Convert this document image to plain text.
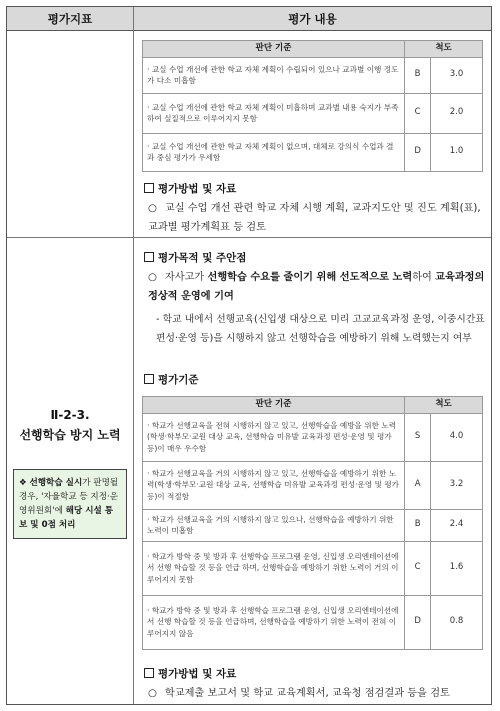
평가지표	평가 내용
판단 기준	척도	
· 교실 수업 개선에 관한 학교 자체 계획이 수립되어 있으나 교과별 이행 정도가 다소 미흡함	B	3.0
· 교실 수업 개선에 관한 학교 자체 계획이 미흡하며 교과별 내용 숙지가 부족하여 실질적으로 이루어지지 못함	C	2.0
· 교실 수업 개선에 관한 학교 자체 계획이 없으며, 대체로 강의식 수업과 결과 중심 평가가 우세함	D	1.0
평가방법 및 자료
○ 교실 수업 개선 관련 학교 자체 시행 계획, 교과지도안 및 진도 계획(표), 교과별 평가계획표 등 검토
Ⅱ-2-3.
선행학습 방지 노력
❖ 선행학습 실시가 판명될 경우, '자율학교 등 지정·운영위원회'에 해당 시설 통보 및 0점 처리
평가목적 및 주안점
○ 자사고가 선행학습 수요를 줄이기 위해 선도적으로 노력하여 교육과정의 정상적 운영에 기여
- 학교 내에서 선행교육(신입생 대상으로 미리 고교교육과정 운영, 이중시간표 편성·운영 등)을 시행하지 않고 선행학습을 예방하기 위해 노력했는지 여부
평가기준
판단 기준	척도	
· 학교가 선행교육을 전혀 시행하지 않고 있고, 선행학습을 예방을 위한 노력(학생·학부모·교원 대상 교육, 선행학습 미유발 교육과정 편성·운영 및 평가 등)이 매우 우수함	S	4.0
· 학교가 선행교육을 거의 시행하지 않고 있고, 선행학습을 예방하기 위한 노력(학생·학부모·교원 대상 교육, 선행학습 미유발 교육과정 편성·운영 및 평가 등)이 적절함	A	3.2
· 학교가 선행교육을 거의 시행하지 않고 있으나, 선행학습을 예방하기 위한 노력이 미흡함	B	2.4
· 학교가 방학 중 및 방과 후 선행학습 프로그램 운영, 신입생 오리엔테이션에서 선행 학습할 것 등을 언급 하며, 선행학습을 예방하기 위한 노력이 거의 이루어지지 못함	C	1.6
· 학교가 방학 중 및 방과 후 선행학습 프로그램 운영, 신입생 오리엔테이션에서 선행 학습할 것 등을 언급하며, 선행학습을 예방하기 위한 노력이 전혀 이루어지지 않음	D	0.8
평가방법 및 자료
○ 학교제출 보고서 및 학교 교육계획서, 교육청 점검결과 등을 검토
